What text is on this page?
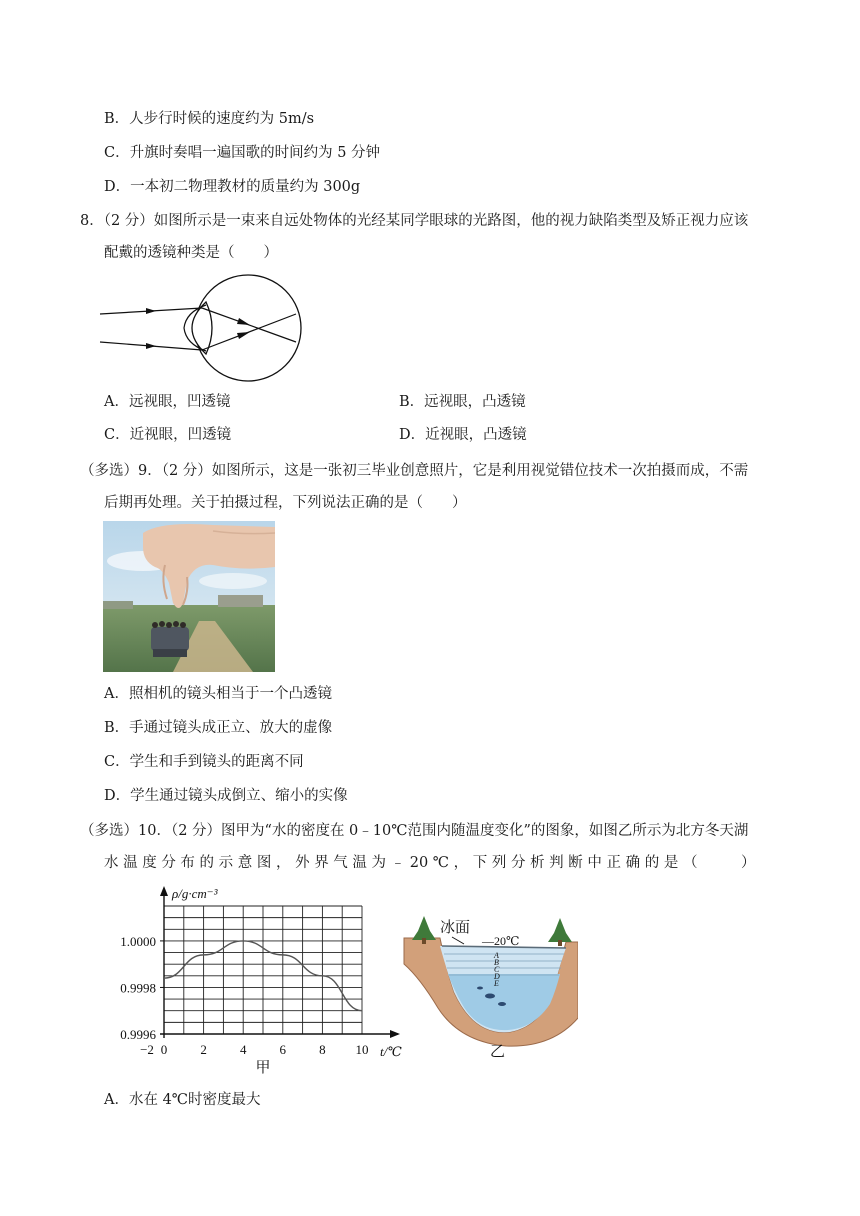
B．人步行时候的速度约为 5m/s
C．升旗时奏唱一遍国歌的时间约为 5 分钟
D．一本初二物理教材的质量约为 300g
8．（2 分）如图所示是一束来自远处物体的光经某同学眼球的光路图，他的视力缺陷类型及矫正视力应该
配戴的透镜种类是（　　）
A．远视眼，凹透镜	B．远视眼，凸透镜
C．近视眼，凹透镜	D．近视眼，凸透镜
（多选）9．（2 分）如图所示，这是一张初三毕业创意照片，它是利用视觉错位技术一次拍摄而成，不需
后期再处理。关于拍摄过程，下列说法正确的是（　　）
A．照相机的镜头相当于一个凸透镜
B．手通过镜头成正立、放大的虚像
C．学生和手到镜头的距离不同
D．学生通过镜头成倒立、缩小的实像
（多选）10．（2 分）图甲为“水的密度在 0﹣10℃范围内随温度变化”的图象，如图乙所示为北方冬天湖
水 温 度 分 布 的 示 意 图 ， 外 界 气 温 为 ﹣ 20 ℃ ， 下 列 分 析 判 断 中 正 确 的 是 （　　　）
−2 0	2	4	6	8 10
1.0000
0.9998
0.9996
ρ/g·cm⁻³
t/℃
甲
冰面
—20℃
A
B
C
D
E
乙
A．水在 4℃时密度最大
